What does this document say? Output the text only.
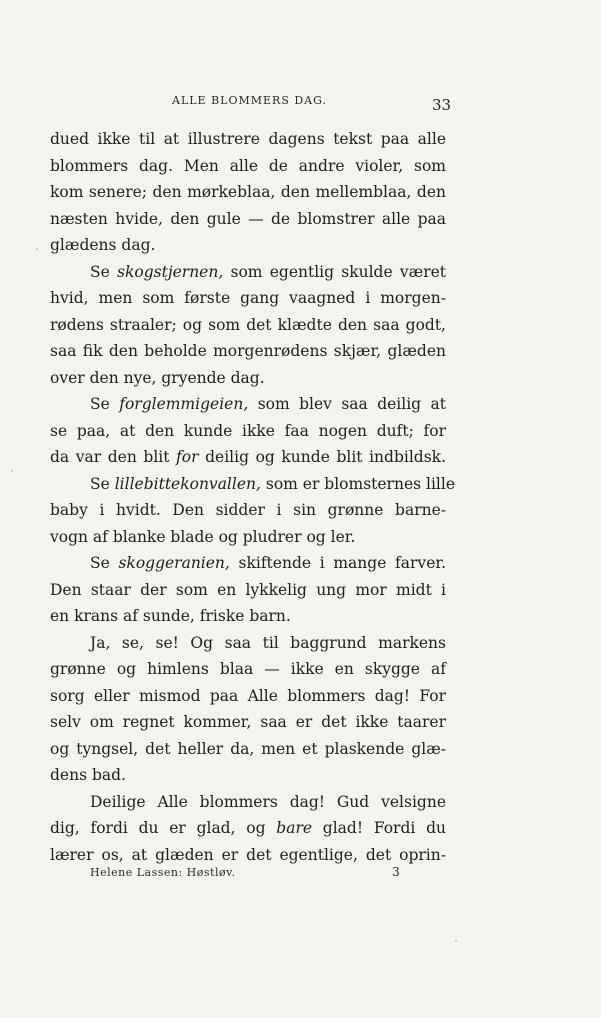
ALLE BLOMMERS DAG.	33

dued ikke til at illustrere dagens tekst paa alle
blommers dag. Men alle de andre violer, som
kom senere; den mørkeblaa, den mellemblaa, den
næsten hvide, den gule — de blomstrer alle paa
glædens dag.

Se skogstjernen, som egentlig skulde været
hvid, men som første gang vaagned i morgen-
rødens straaler; og som det klædte den saa godt,
saa fik den beholde morgenrødens skjær, glæden
over den nye, gryende dag.

Se forglemmigeien, som blev saa deilig at
se paa, at den kunde ikke faa nogen duft; for
da var den blit for deilig og kunde blit indbildsk.

Se lillebittekonvallen, som er blomsternes lille
baby i hvidt. Den sidder i sin grønne barne-
vogn af blanke blade og pludrer og ler.

Se skoggeranien, skiftende i mange farver.
Den staar der som en lykkelig ung mor midt i
en krans af sunde, friske barn.

Ja, se, se! Og saa til baggrund markens
grønne og himlens blaa — ikke en skygge af
sorg eller mismod paa Alle blommers dag! For
selv om regnet kommer, saa er det ikke taarer
og tyngsel, det heller da, men et plaskende glæ-
dens bad.

Deilige Alle blommers dag! Gud velsigne
dig, fordi du er glad, og bare glad! Fordi du
lærer os, at glæden er det egentlige, det oprin-

Helene Lassen: Høstløv.	3
